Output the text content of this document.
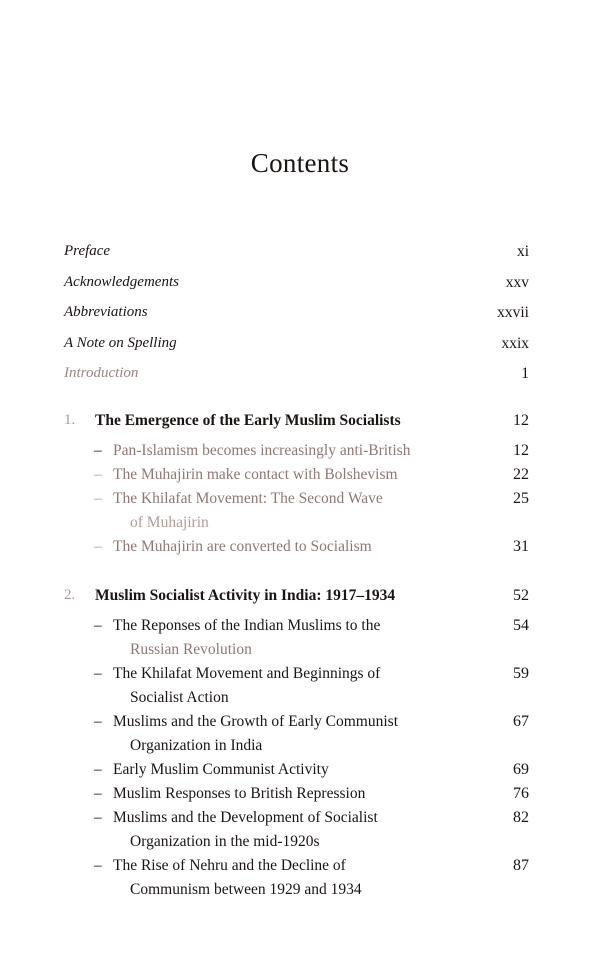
Contents
Preface	xi
Acknowledgements	xxv
Abbreviations	xxvii
A Note on Spelling	xxix
Introduction	1
1. The Emergence of the Early Muslim Socialists	12
– Pan-Islamism becomes increasingly anti-British	12
– The Muhajirin make contact with Bolshevism	22
– The Khilafat Movement: The Second Wave	25
of Muhajirin
– The Muhajirin are converted to Socialism	31
2. Muslim Socialist Activity in India: 1917–1934	52
– The Reponses of the Indian Muslims to the	54
Russian Revolution
– The Khilafat Movement and Beginnings of	59
Socialist Action
– Muslims and the Growth of Early Communist	67
Organization in India
– Early Muslim Communist Activity	69
– Muslim Responses to British Repression	76
– Muslims and the Development of Socialist	82
Organization in the mid-1920s
– The Rise of Nehru and the Decline of	87
Communism between 1929 and 1934
